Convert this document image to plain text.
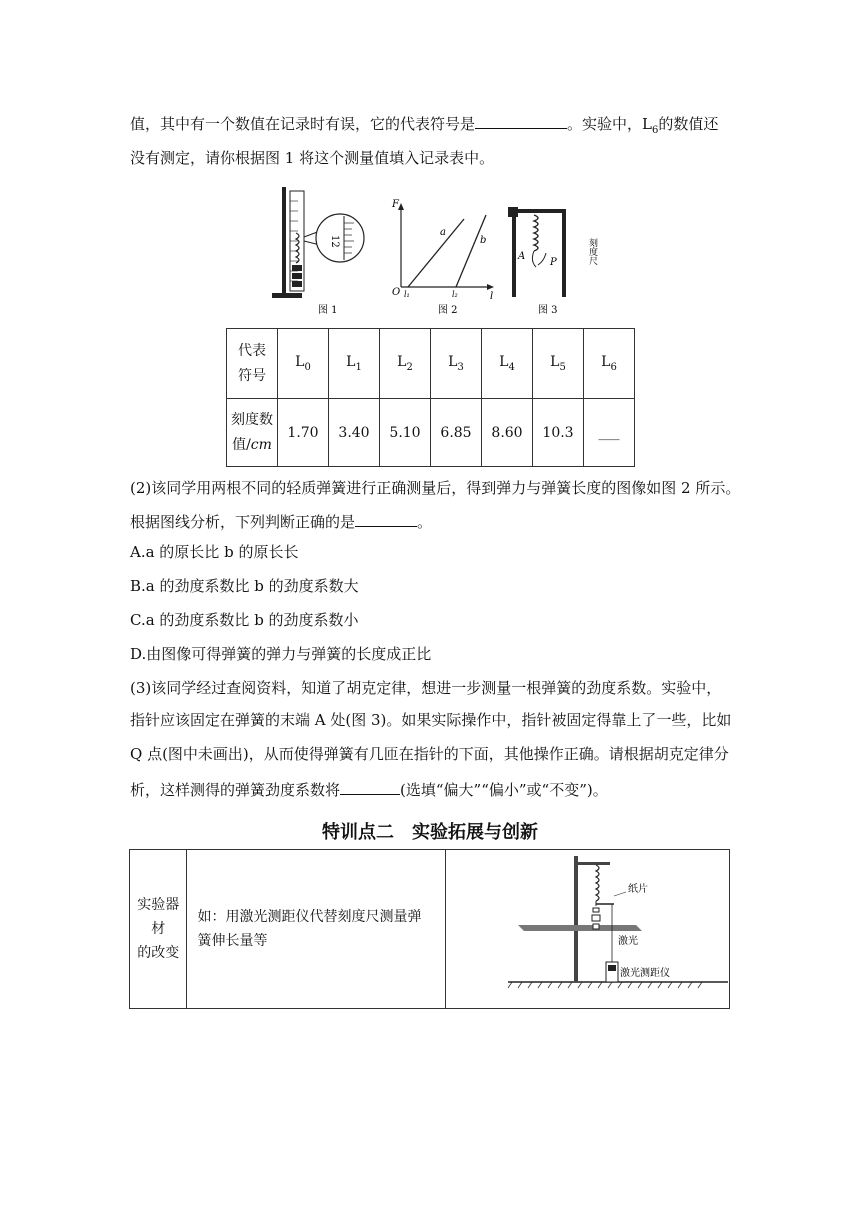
值，其中有一个数值在记录时有误，它的代表符号是	。实验中，$L_6$的数值还
没有测定，请你根据图 1 将这个测量值填入记录表中。
12
图 1
F
l
O
a
b
l₁	l₂
图 2
A
P
刻度尺
图 3
代表
符号	$L_0$	$L_1$	$L_2$	$L_3$	$L_4$	$L_5$	$L_6$

刻度数
值/cm	1.70	3.40	5.10	6.85	8.60	10.3	___
(2)该同学用两根不同的轻质弹簧进行正确测量后，得到弹力与弹簧长度的图像如图 2 所示。
根据图线分析，下列判断正确的是	。
A.a 的原长比 b 的原长长
B.a 的劲度系数比 b 的劲度系数大
C.a 的劲度系数比 b 的劲度系数小
D.由图像可得弹簧的弹力与弹簧的长度成正比
(3)该同学经过查阅资料，知道了胡克定律，想进一步测量一根弹簧的劲度系数。实验中，
指针应该固定在弹簧的末端 A 处(图 3)。如果实际操作中，指针被固定得靠上了一些，比如
Q 点(图中未画出)，从而使得弹簧有几匝在指针的下面，其他操作正确。请根据胡克定律分
析，这样测得的弹簧劲度系数将	(选填“偏大”“偏小”或“不变”)。
特训点二　实验拓展与创新
实验器
材
的改变

如：用激光测距仪代替刻度尺测量弹
簧伸长量等

纸片
激光
激光测距仪
